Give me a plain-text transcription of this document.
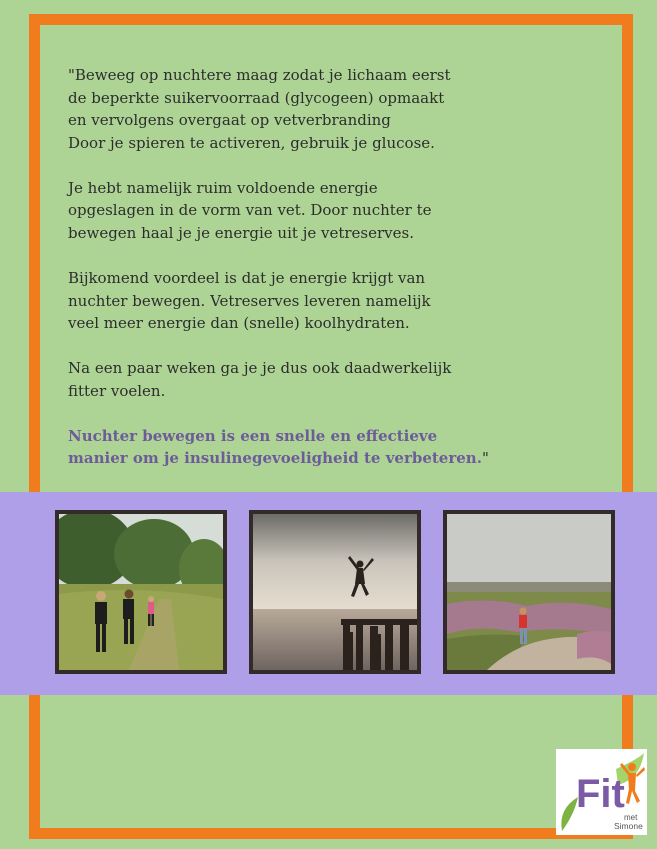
"Beweeg op nuchtere maag zodat je lichaam eerst
de beperkte suikervoorraad (glycogeen) opmaakt
en vervolgens overgaat op vetverbranding
Door je spieren te activeren, gebruik je glucose.

Je hebt namelijk ruim voldoende energie
opgeslagen in de vorm van vet. Door nuchter te
bewegen haal je je energie uit je vetreserves.

Bijkomend voordeel is dat je energie krijgt van
nuchter bewegen. Vetreserves leveren namelijk
veel meer energie dan (snelle) koolhydraten.

Na een paar weken ga je je dus ook daadwerkelijk
fitter voelen.

Nuchter bewegen is een snelle en effectieve
manier om je insulinegevoeligheid te verbeteren."

Fit
met
Simone
